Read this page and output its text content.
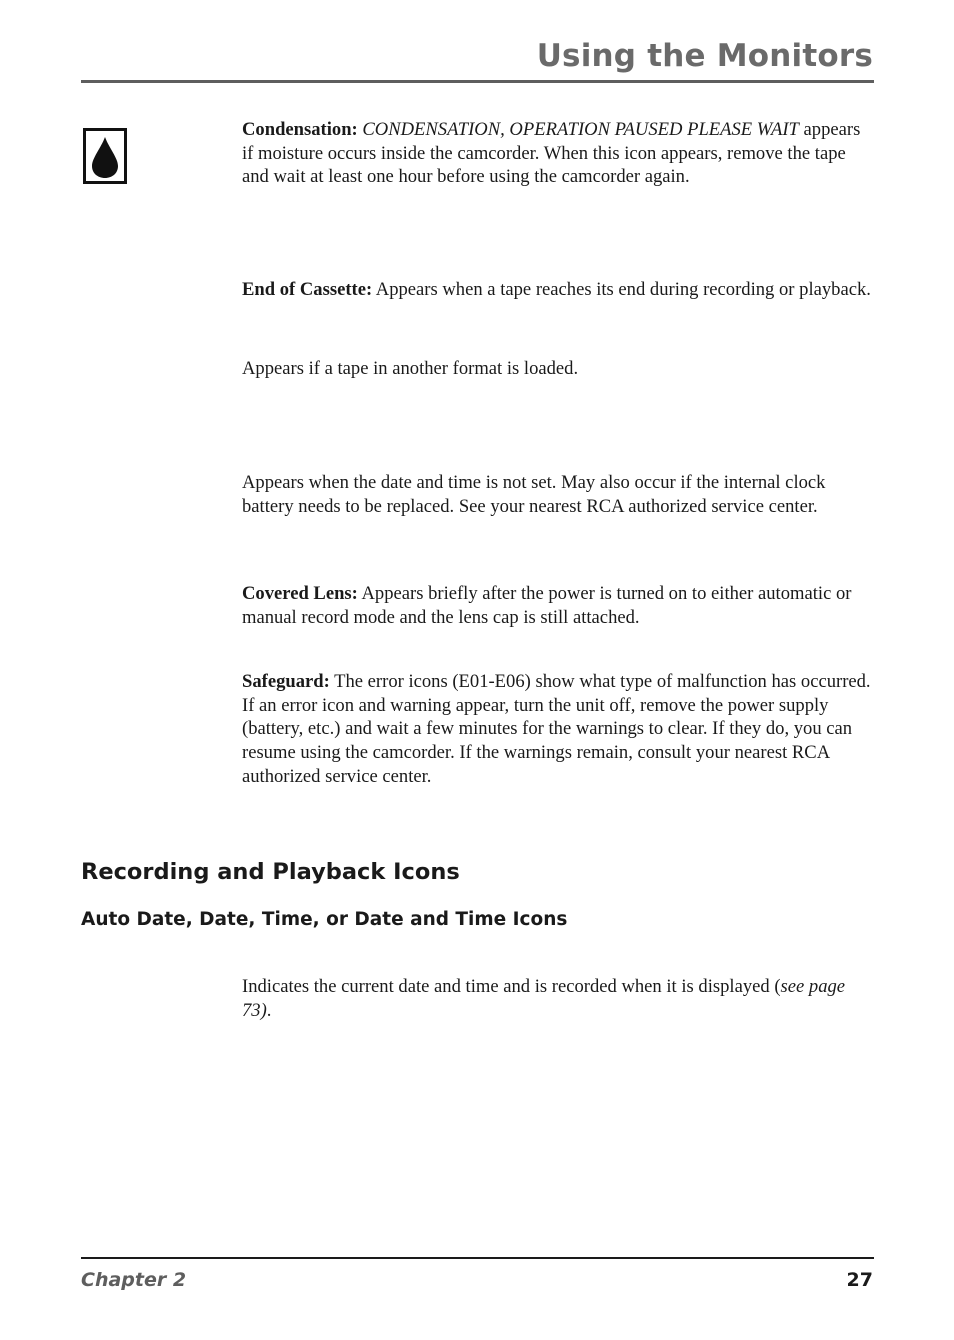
Using the Monitors
Condensation: CONDENSATION, OPERATION PAUSED PLEASE WAIT appears if moisture occurs inside the camcorder. When this icon appears, remove the tape and wait at least one hour before using the camcorder again.
End of Cassette: Appears when a tape reaches its end during recording or playback.
Appears if a tape in another format is loaded.
Appears when the date and time is not set. May also occur if the internal clock battery needs to be replaced. See your nearest RCA authorized service center.
Covered Lens: Appears briefly after the power is turned on to either automatic or manual record mode and the lens cap is still attached.
Safeguard: The error icons (E01-E06) show what type of malfunction has occurred. If an error icon and warning appear, turn the unit off, remove the power supply (battery, etc.) and wait a few minutes for the warnings to clear. If they do, you can resume using the camcorder. If the warnings remain, consult your nearest RCA authorized service center.
Recording and Playback Icons
Auto Date, Date, Time, or Date and Time Icons
Indicates the current date and time and is recorded when it is displayed (see page 73).
Chapter 2	27
